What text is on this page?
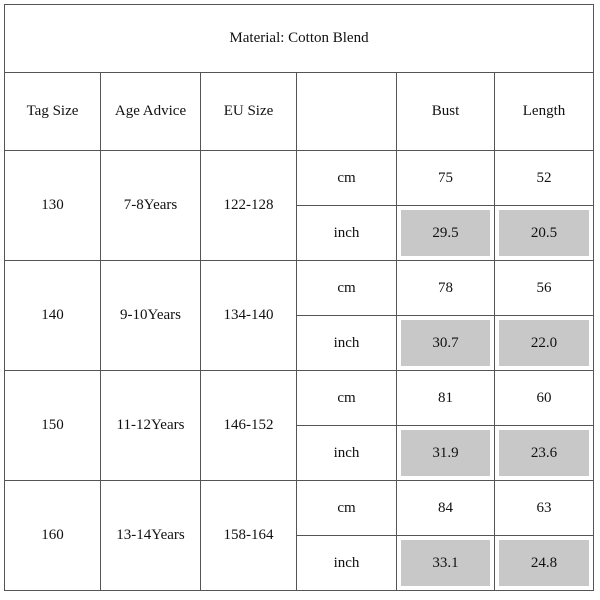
Material: Cotton Blend					
Tag Size	Age Advice	EU Size		Bust	Length
130	7-8Years	122-128	cm	75	52
			inch	29.5	20.5

140	9-10Years	134-140	cm	78	56
			inch	30.7	22.0

150	11-12Years	146-152	cm	81	60
			inch	31.9	23.6

160	13-14Years	158-164	cm	84	63
			inch	33.1	24.8
